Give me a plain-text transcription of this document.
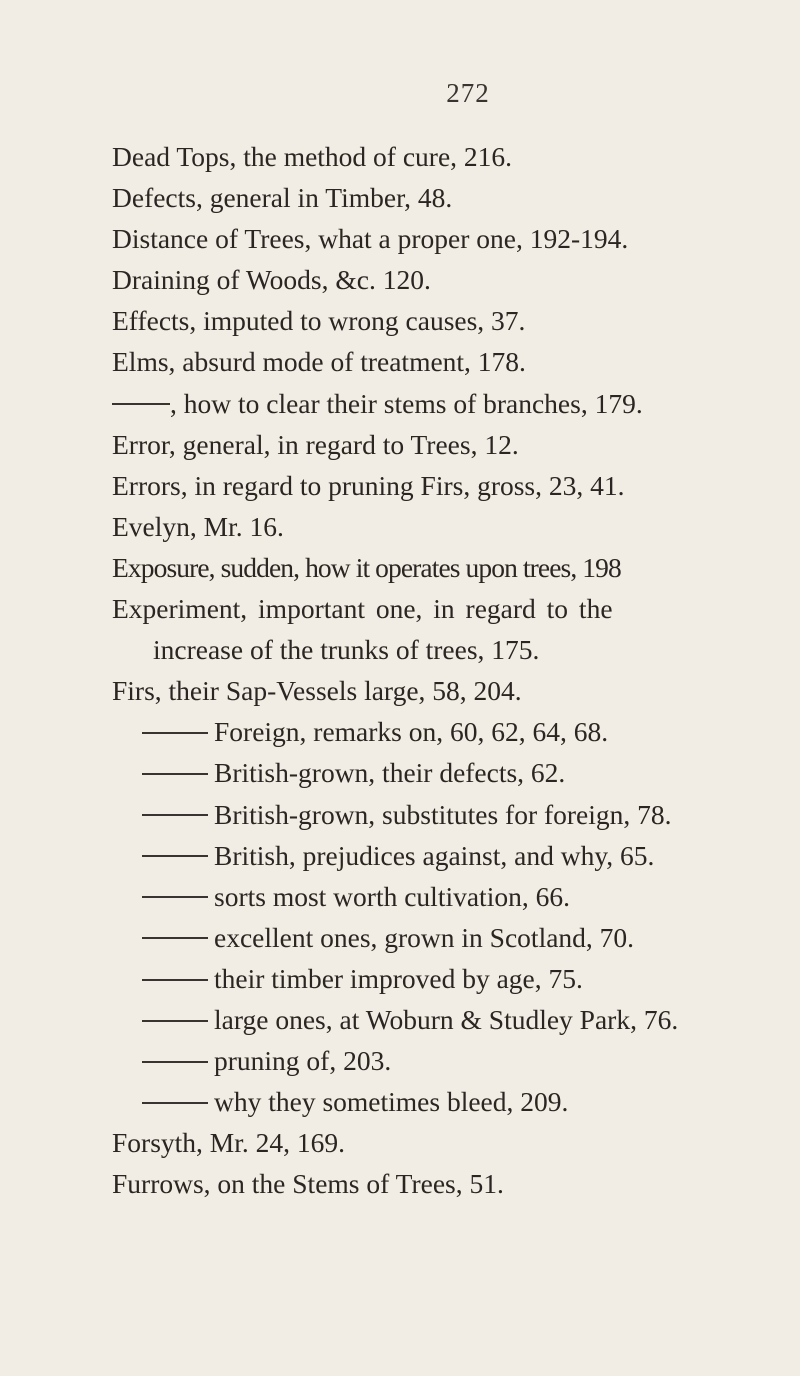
272
Dead Tops, the method of cure, 216.
Defects, general in Timber, 48.
Distance of Trees, what a proper one, 192-194.
Draining of Woods, &c. 120.
Effects, imputed to wrong causes, 37.
Elms, absurd mode of treatment, 178.
, how to clear their stems of branches, 179.
Error, general, in regard to Trees, 12.
Errors, in regard to pruning Firs, gross, 23, 41.
Evelyn, Mr. 16.
Exposure, sudden, how it operates upon trees, 198
Experiment, important one, in regard to the
increase of the trunks of trees, 175.
Firs, their Sap-Vessels large, 58, 204.
Foreign, remarks on, 60, 62, 64, 68.
British-grown, their defects, 62.
British-grown, substitutes for foreign, 78.
British, prejudices against, and why, 65.
sorts most worth cultivation, 66.
excellent ones, grown in Scotland, 70.
their timber improved by age, 75.
large ones, at Woburn & Studley Park, 76.
pruning of, 203.
why they sometimes bleed, 209.
Forsyth, Mr. 24, 169.
Furrows, on the Stems of Trees, 51.
